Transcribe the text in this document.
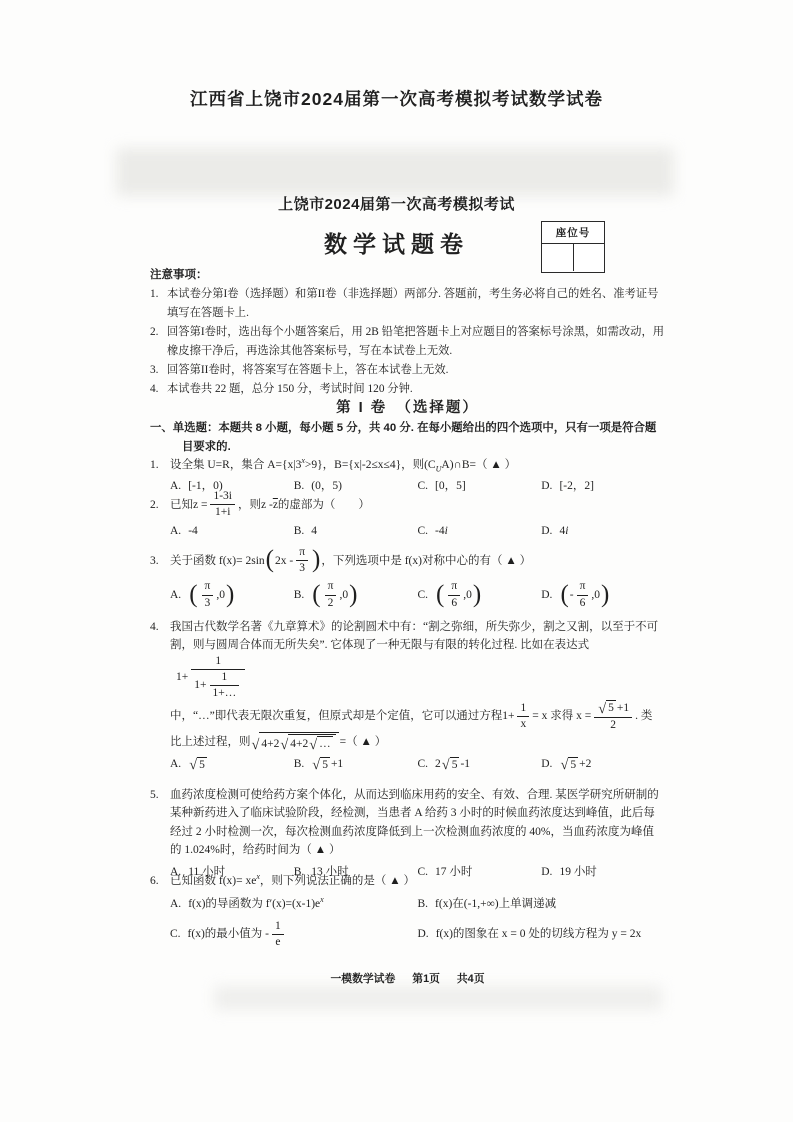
江西省上饶市2024届第一次高考模拟考试数学试卷
上饶市2024届第一次高考模拟考试
数学试题卷	座位号
注意事项：
1. 本试卷分第I卷（选择题）和第II卷（非选择题）两部分. 答题前，考生务必将自己的姓名、准考证号填写在答题卡上.
2. 回答第I卷时，选出每个小题答案后，用 2B 铅笔把答题卡上对应题目的答案标号涂黑，如需改动，用橡皮擦干净后，再选涂其他答案标号，写在本试卷上无效.
3. 回答第II卷时，将答案写在答题卡上，答在本试卷上无效.
4. 本试卷共 22 题，总分 150 分，考试时间 120 分钟.
第 I 卷　（选择题）
一、单选题：本题共 8 小题，每小题 5 分，共 40 分. 在每小题给出的四个选项中，只有一项是符合题目要求的.
1. 设全集 U=R，集合 $A=\{x|3^x>9\}$，B={x|-2≤x≤4}，则$(C_UA)\cap B=$（ ▲ ）
A. [-1，0)	B. (0，5)	C. [0，5]	D. [-2，2]
2. 已知$z = \frac{1-3i}{1+i}$ ，则z - $\overline{z}$ 的虚部为（　　）
A. -4	B. 4	C. -4 i	D. 4 i
3. 关于函数 f(x)= 2sin ( $2x - \frac{\pi}{3}$ ) ，下列选项中是 f(x)对称中心的有（ ▲ ）
A. ( $\frac{\pi}{3} ,0$ )	B. ( $\frac{\pi}{2} ,0$ )	C. ( $\frac{\pi}{6} ,0$ )	D. ( - $\frac{\pi}{6} ,0$ )
4. 我国古代数学名著《九章算术》的论割圆术中有：“割之弥细，所失弥少，割之又割，以至于不可
割，则与圆周合体而无所失矣”. 它体现了一种无限与有限的转化过程. 比如在表达式
$1+ \frac{1}{1+ \frac{1}{1+\dots}}$
中，“…”即代表无限次重复，但原式却是个定值，它可以通过方程$1+ \frac{1}{x} = x$ 求得 $x = \frac{√ 5 +1}{2}$ . 类
比上述过程，则 √ 4+2 √ 4+2 √ … =（ ▲ ）
A. √ 5	B. √ 5 +1	C. 2 √ 5 -1	D. √ 5 +2
5. 血药浓度检测可使给药方案个体化，从而达到临床用药的安全、有效、合理. 某医学研究所研制的某种新药进入了临床试验阶段，经检测，当患者 A 给药 3 小时的时候血药浓度达到峰值，此后每经过 2 小时检测一次，每次检测血药浓度降低到上一次检测血药浓度的 40%，当血药浓度为峰值的 1.024%时，给药时间为（ ▲ ）
A. 11 小时	B. 13 小时	C. 17 小时	D. 19 小时
6. 已知函数 $f(x)= xe^x$，则下列说法正确的是（ ▲ ）
A. f(x)的导函数为 $f'(x)=(x-1)e^x$	B. f(x)在(-1,+∞)上单调递减
C. f(x)的最小值为 - $\frac{1}{e}$	D. f(x)的图象在 x = 0 处的切线方程为 y = 2x
一模数学试卷 第1页 共4页
